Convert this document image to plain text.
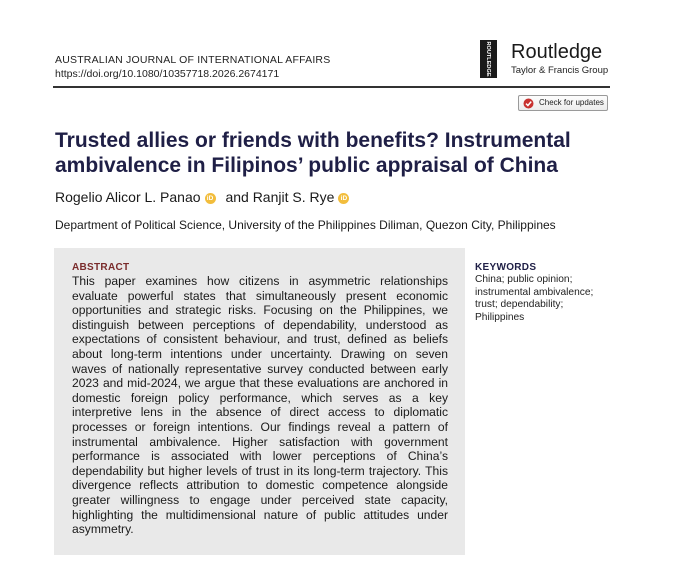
AUSTRALIAN JOURNAL OF INTERNATIONAL AFFAIRS
https://doi.org/10.1080/10357718.2026.2674171	ROUTLEDGE Routledge
Taylor & Francis Group
Check for updates
Trusted allies or friends with benefits? Instrumental ambivalence in Filipinos’ public appraisal of China
Rogelio Alicor L. Panao iD and Ranjit S. Rye iD
Department of Political Science, University of the Philippines Diliman, Quezon City, Philippines
ABSTRACT

This paper examines how citizens in asymmetric relationships evaluate powerful states that simultaneously present economic opportunities and strategic risks. Focusing on the Philippines, we distinguish between perceptions of dependability, understood as expectations of consistent behaviour, and trust, defined as beliefs about long-term intentions under uncertainty. Drawing on seven waves of nationally representative survey conducted between early 2023 and mid-2024, we argue that these evaluations are anchored in domestic foreign policy performance, which serves as a key interpretive lens in the absence of direct access to diplomatic processes or foreign intentions. Our findings reveal a pattern of instrumental ambivalence. Higher satisfaction with government performance is associated with lower perceptions of China’s dependability but higher levels of trust in its long-term trajectory. This divergence reflects attribution to domestic competence alongside greater willingness to engage under perceived state capacity, highlighting the multidimensional nature of public attitudes under asymmetry.

KEYWORDS
China; public opinion; instrumental ambivalence; trust; dependability; Philippines
